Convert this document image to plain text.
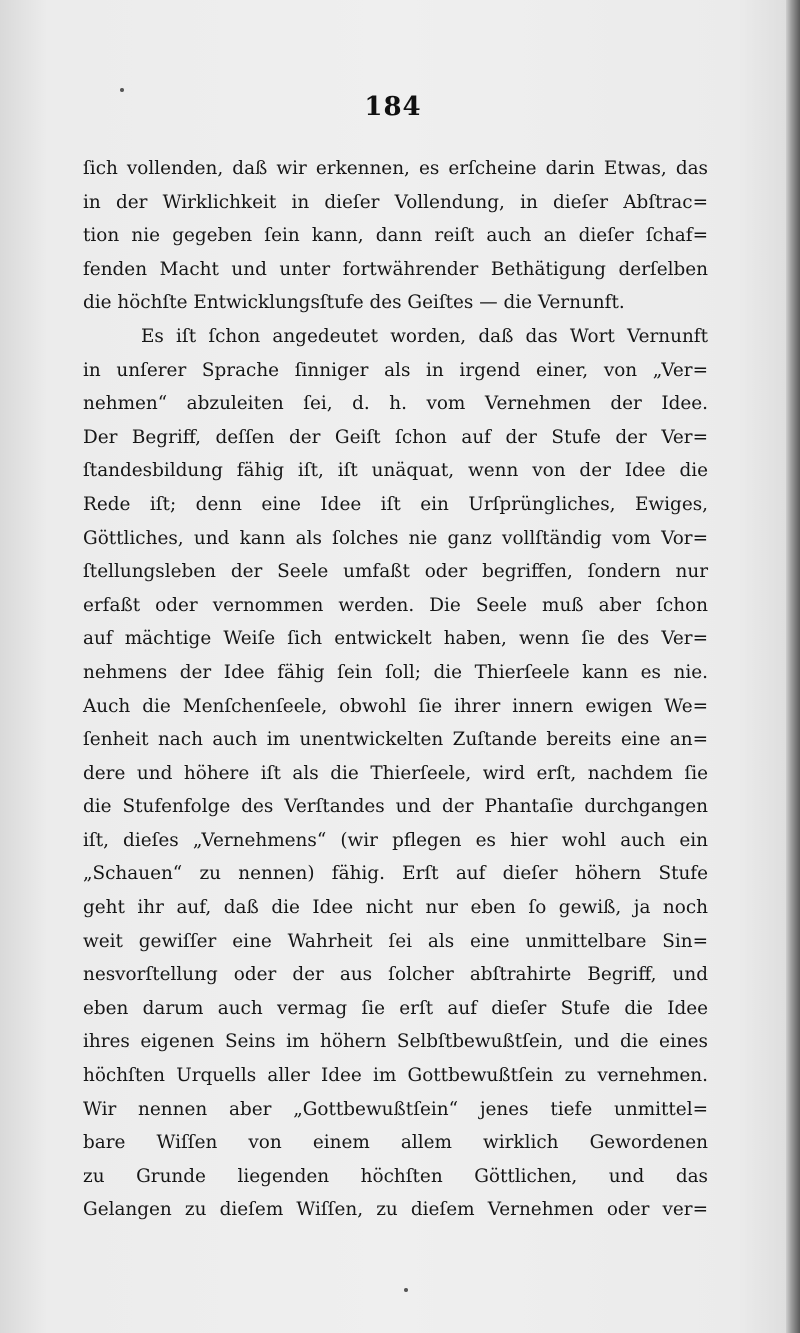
184
ſich vollenden, daß wir erkennen, es erſcheine darin Etwas, das
in der Wirklichkeit in dieſer Vollendung, in dieſer Abſtrac=
tion nie gegeben ſein kann, dann reiſt auch an dieſer ſchaf=
fenden Macht und unter fortwährender Bethätigung derſelben
die höchſte Entwicklungsſtufe des Geiſtes — die Vernunft.
Es iſt ſchon angedeutet worden, daß das Wort Vernunft
in unſerer Sprache ſinniger als in irgend einer, von „Ver=
nehmen“ abzuleiten ſei, d. h. vom Vernehmen der Idee.
Der Begriff, deſſen der Geiſt ſchon auf der Stufe der Ver=
ſtandesbildung fähig iſt, iſt unäquat, wenn von der Idee die
Rede iſt; denn eine Idee iſt ein Urſprüngliches, Ewiges,
Göttliches, und kann als ſolches nie ganz vollſtändig vom Vor=
ſtellungsleben der Seele umfaßt oder begriffen, ſondern nur
erfaßt oder vernommen werden. Die Seele muß aber ſchon
auf mächtige Weiſe ſich entwickelt haben, wenn ſie des Ver=
nehmens der Idee fähig ſein ſoll; die Thierſeele kann es nie.
Auch die Menſchenſeele, obwohl ſie ihrer innern ewigen We=
ſenheit nach auch im unentwickelten Zuſtande bereits eine an=
dere und höhere iſt als die Thierſeele, wird erſt, nachdem ſie
die Stufenfolge des Verſtandes und der Phantaſie durchgangen
iſt, dieſes „Vernehmens“ (wir pflegen es hier wohl auch ein
„Schauen“ zu nennen) fähig. Erſt auf dieſer höhern Stufe
geht ihr auf, daß die Idee nicht nur eben ſo gewiß, ja noch
weit gewiſſer eine Wahrheit ſei als eine unmittelbare Sin=
nesvorſtellung oder der aus ſolcher abſtrahirte Begriff, und
eben darum auch vermag ſie erſt auf dieſer Stufe die Idee
ihres eigenen Seins im höhern Selbſtbewußtſein, und die eines
höchſten Urquells aller Idee im Gottbewußtſein zu vernehmen.
Wir nennen aber „Gottbewußtſein“ jenes tiefe unmittel=
bare Wiſſen von einem allem wirklich Gewordenen
zu Grunde liegenden höchſten Göttlichen, und das
Gelangen zu dieſem Wiſſen, zu dieſem Vernehmen oder ver=
